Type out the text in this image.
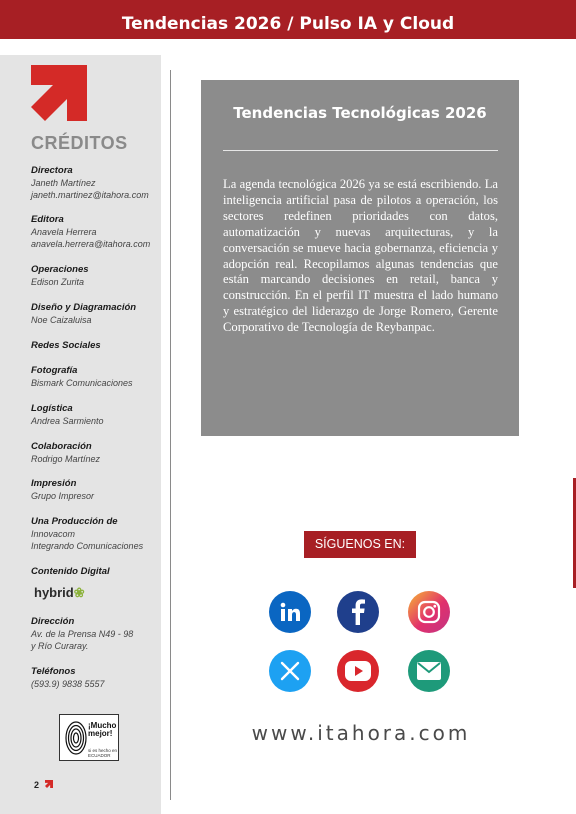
Tendencias 2026 / Pulso IA y Cloud
CRÉDITOS
Directora
Janeth Martínez
janeth.martinez@itahora.com
Editora
Anavela Herrera
anavela.herrera@itahora.com
Operaciones
Edison Zurita
Diseño y Diagramación
Noe Caizaluisa
Redes Sociales
Fotografía
Bismark Comunicaciones
Logística
Andrea Sarmiento
Colaboración
Rodrigo Martínez
Impresión
Grupo Impresor
Una Producción de
Innovacom
Integrando Comunicaciones
Contenido Digital
hybrid❀
Dirección
Av. de la Prensa N49 - 98
y Río Curaray.
Teléfonos
(593.9) 9838 5557
¡Mucho mejor!
si es hecho en ECUADOR
2
Tendencias Tecnológicas 2026
La agenda tecnológica 2026 ya se está escribiendo. La inteligencia artificial pasa de pilotos a operación, los sectores redefinen prioridades con datos, automatización y nuevas arquitecturas, y la conversación se mueve hacia gobernanza, eficiencia y adopción real. Recopilamos algunas tendencias que están marcando decisiones en retail, banca y construcción. En el perfil IT muestra el lado humano y estratégico del liderazgo de Jorge Romero, Gerente Corporativo de Tecnología de Reybanpac.
SÍGUENOS EN:
www.itahora.com
